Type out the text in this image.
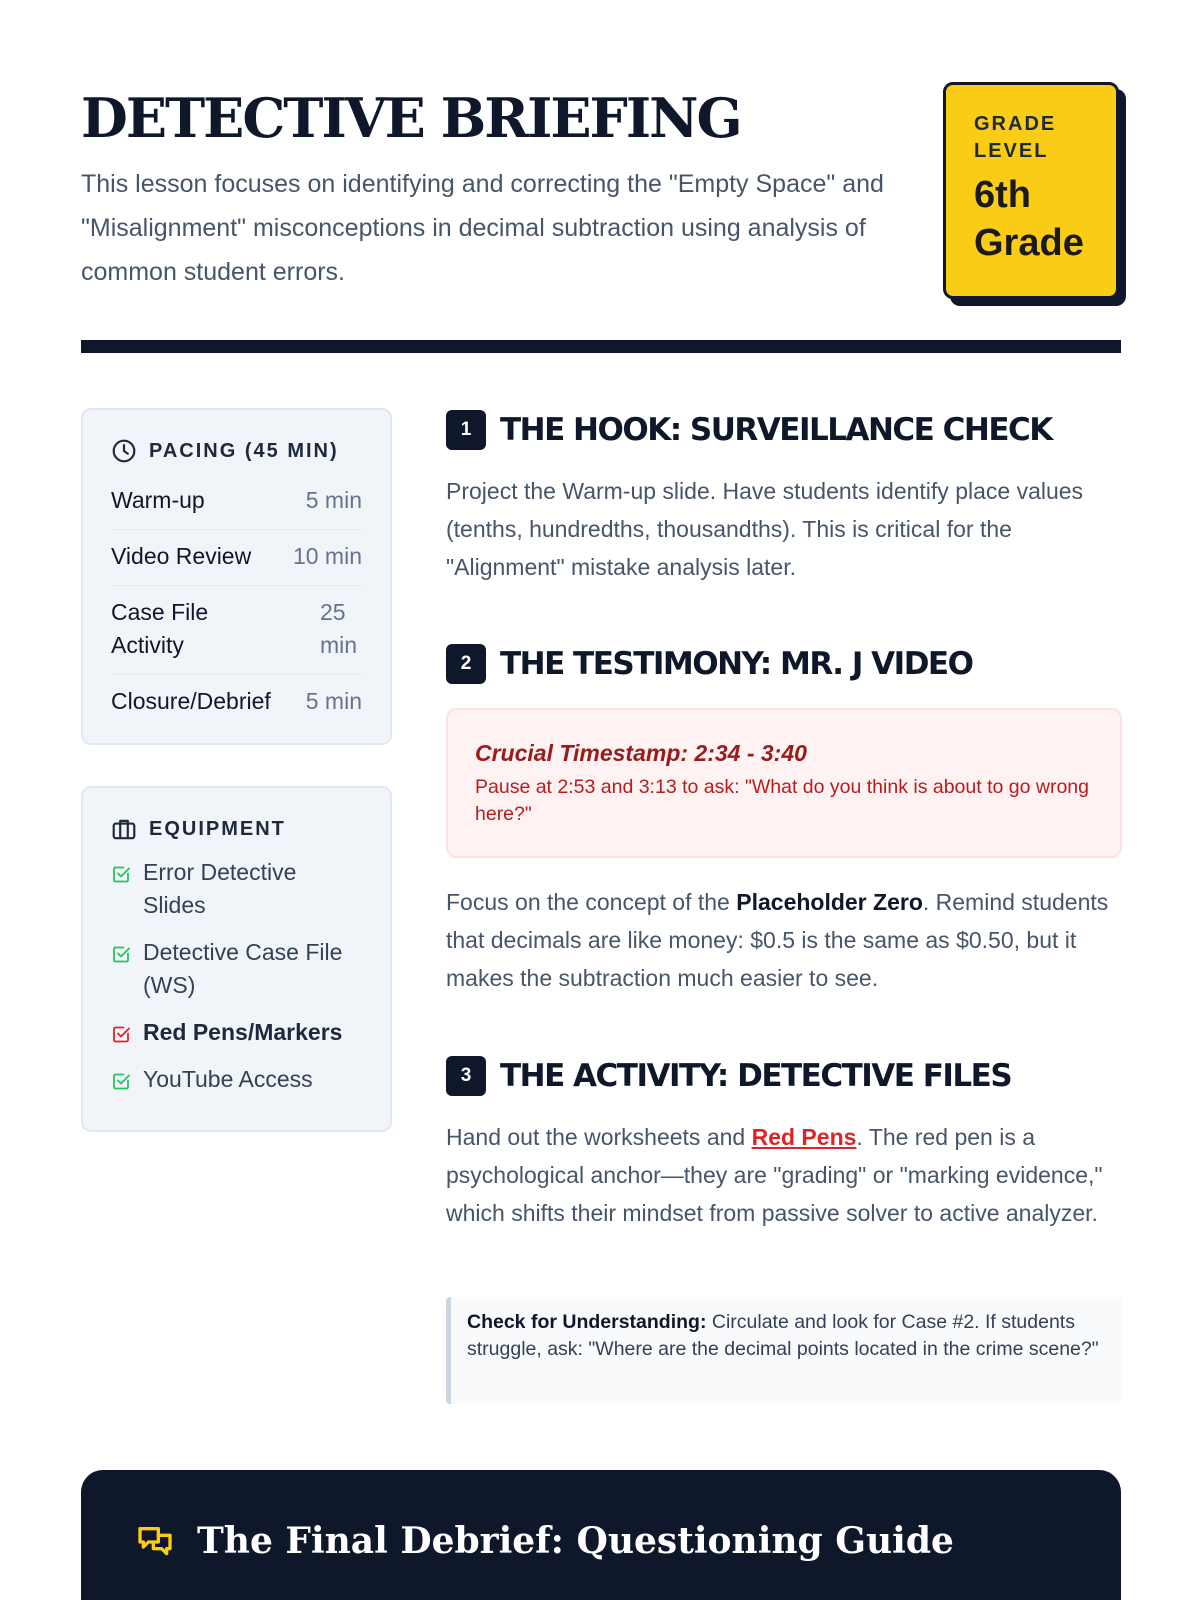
DETECTIVE BRIEFING

This lesson focuses on identifying and correcting the "Empty Space" and "Misalignment" misconceptions in decimal subtraction using analysis of common student errors.

GRADE LEVEL
6th Grade
PACING (45 MIN)
Warm-up	5 min
Video Review 10 min
Case File Activity
25 min
Closure/Debrief 5 min
EQUIPMENT
Error Detective Slides
Detective Case File (WS)
Red Pens/Markers
YouTube Access
1 THE HOOK: SURVEILLANCE CHECK

Project the Warm-up slide. Have students identify place values (tenths, hundredths, thousandths). This is critical for the "Alignment" mistake analysis later.

2 THE TESTIMONY: MR. J VIDEO
Crucial Timestamp: 2:34 - 3:40
Pause at 2:53 and 3:13 to ask: "What do you think is about to go wrong here?"

Focus on the concept of the Placeholder Zero. Remind students that decimals are like money: $0.5 is the same as $0.50, but it makes the subtraction much easier to see.

3 THE ACTIVITY: DETECTIVE FILES

Hand out the worksheets and Red Pens. The red pen is a psychological anchor—they are "grading" or "marking evidence," which shifts their mindset from passive solver to active analyzer.

Check for Understanding: Circulate and look for Case #2. If students struggle, ask: "Where are the decimal points located in the crime scene?"
The Final Debrief: Questioning Guide
